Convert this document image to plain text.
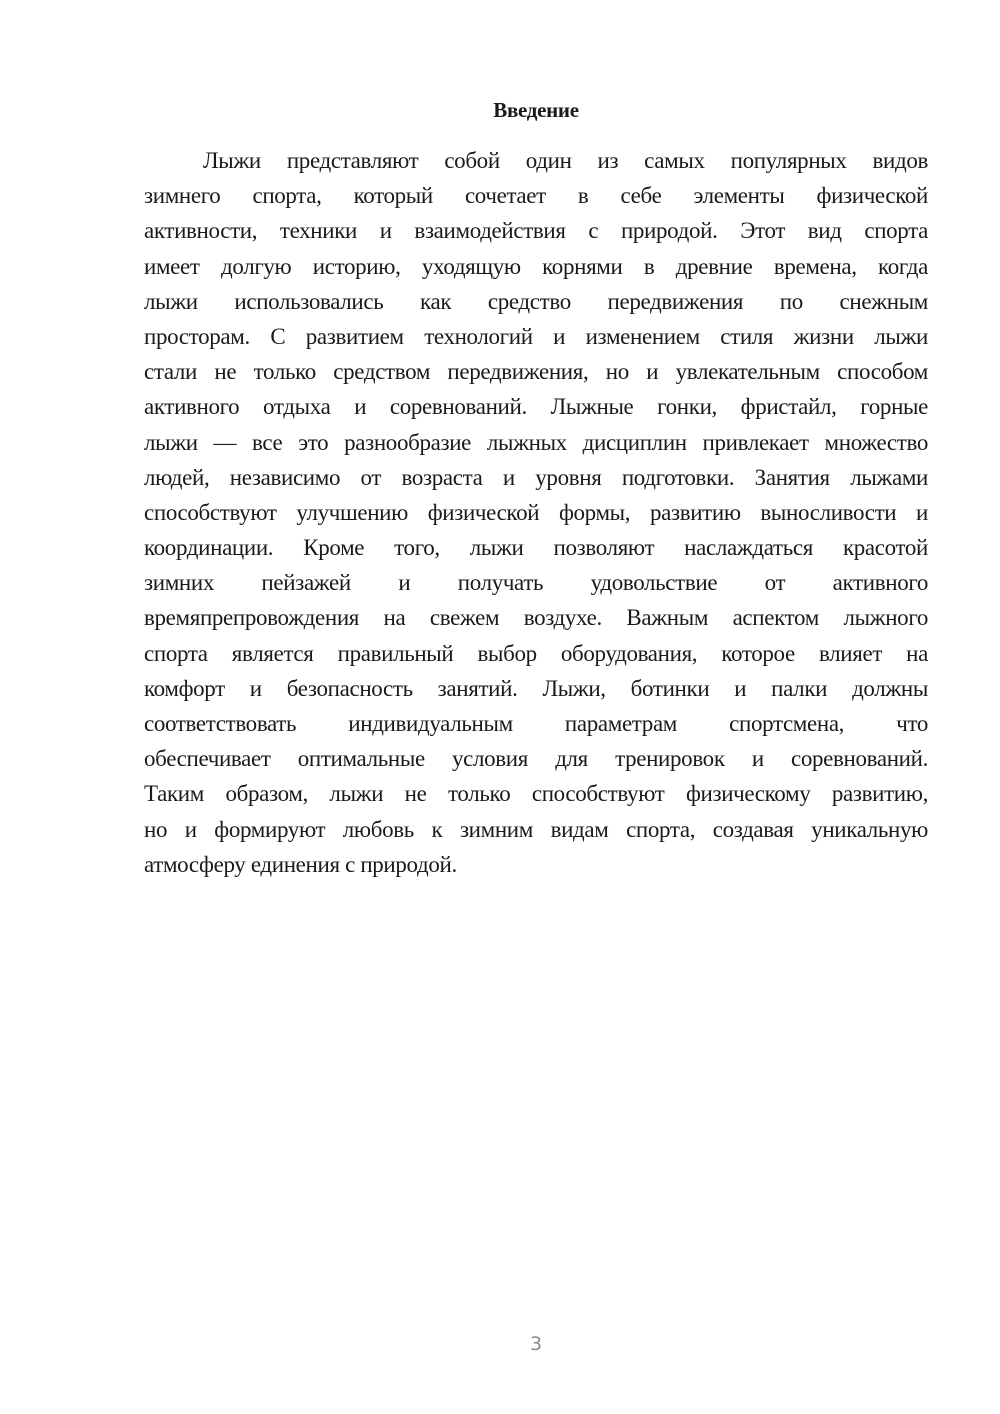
Введение
Лыжи представляют собой один из самых популярных видов
зимнего спорта, который сочетает в себе элементы физической
активности, техники и взаимодействия с природой. Этот вид спорта
имеет долгую историю, уходящую корнями в древние времена, когда
лыжи использовались как средство передвижения по снежным
просторам. С развитием технологий и изменением стиля жизни лыжи
стали не только средством передвижения, но и увлекательным способом
активного отдыха и соревнований. Лыжные гонки, фристайл, горные
лыжи — все это разнообразие лыжных дисциплин привлекает множество
людей, независимо от возраста и уровня подготовки. Занятия лыжами
способствуют улучшению физической формы, развитию выносливости и
координации. Кроме того, лыжи позволяют наслаждаться красотой
зимних пейзажей и получать удовольствие от активного
времяпрепровождения на свежем воздухе. Важным аспектом лыжного
спорта является правильный выбор оборудования, которое влияет на
комфорт и безопасность занятий. Лыжи, ботинки и палки должны
соответствовать индивидуальным параметрам спортсмена, что
обеспечивает оптимальные условия для тренировок и соревнований.
Таким образом, лыжи не только способствуют физическому развитию,
но и формируют любовь к зимним видам спорта, создавая уникальную
атмосферу единения с природой.
3
